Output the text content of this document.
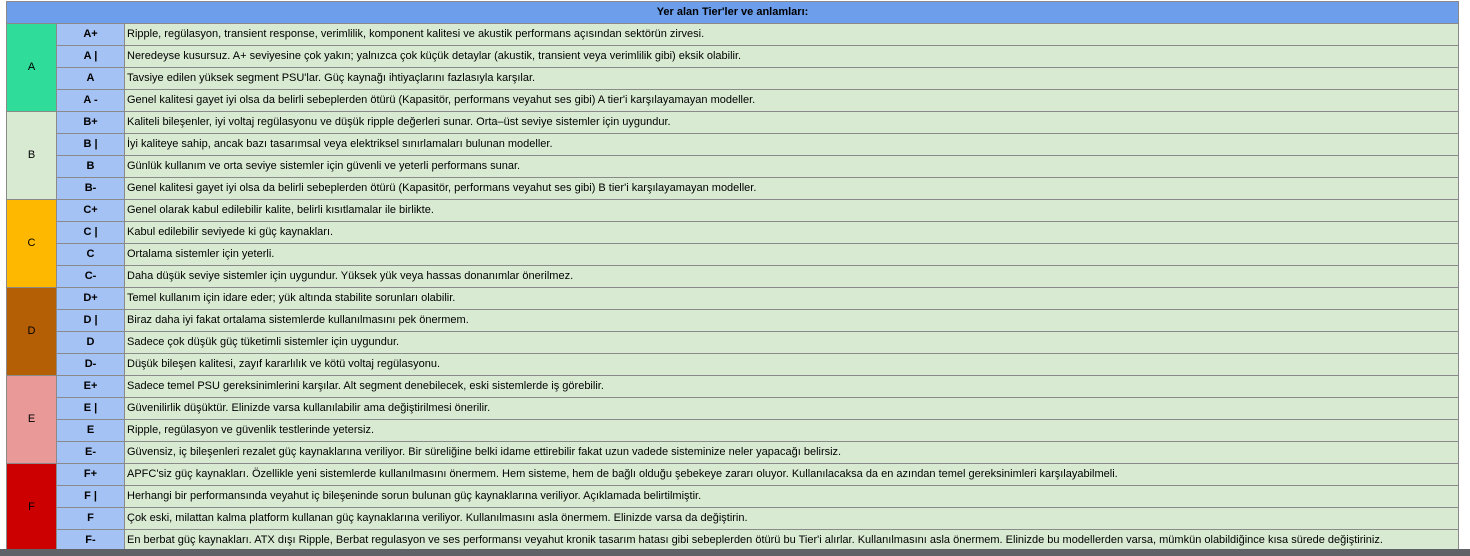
Yer alan Tier'ler ve anlamları:		
A	A+	Ripple, regülasyon, transient response, verimlilik, komponent kalitesi ve akustik performans açısından sektörün zirvesi.
	A |	Neredeyse kusursuz. A+ seviyesine çok yakın; yalnızca çok küçük detaylar (akustik, transient veya verimlilik gibi) eksik olabilir.
	A	Tavsiye edilen yüksek segment PSU'lar. Güç kaynağı ihtiyaçlarını fazlasıyla karşılar.
	A -	Genel kalitesi gayet iyi olsa da belirli sebeplerden ötürü (Kapasitör, performans veyahut ses gibi) A tier'i karşılayamayan modeller.
B	B+	Kaliteli bileşenler, iyi voltaj regülasyonu ve düşük ripple değerleri sunar. Orta–üst seviye sistemler için uygundur.
	B |	İyi kaliteye sahip, ancak bazı tasarımsal veya elektriksel sınırlamaları bulunan modeller.
	B	Günlük kullanım ve orta seviye sistemler için güvenli ve yeterli performans sunar.
	B-	Genel kalitesi gayet iyi olsa da belirli sebeplerden ötürü (Kapasitör, performans veyahut ses gibi) B tier'i karşılayamayan modeller.
C	C+	Genel olarak kabul edilebilir kalite, belirli kısıtlamalar ile birlikte.
	C |	Kabul edilebilir seviyede ki güç kaynakları.
	C	Ortalama sistemler için yeterli.
	C-	Daha düşük seviye sistemler için uygundur. Yüksek yük veya hassas donanımlar önerilmez.
D	D+	Temel kullanım için idare eder; yük altında stabilite sorunları olabilir.
	D |	Biraz daha iyi fakat ortalama sistemlerde kullanılmasını pek önermem.
	D	Sadece çok düşük güç tüketimli sistemler için uygundur.
	D-	Düşük bileşen kalitesi, zayıf kararlılık ve kötü voltaj regülasyonu.
E	E+	Sadece temel PSU gereksinimlerini karşılar. Alt segment denebilecek, eski sistemlerde iş görebilir.
	E |	Güvenilirlik düşüktür. Elinizde varsa kullanılabilir ama değiştirilmesi önerilir.
	E	Ripple, regülasyon ve güvenlik testlerinde yetersiz.
	E-	Güvensiz, iç bileşenleri rezalet güç kaynaklarına veriliyor. Bir süreliğine belki idame ettirebilir fakat uzun vadede sisteminize neler yapacağı belirsiz.
F	F+	APFC'siz güç kaynakları. Özellikle yeni sistemlerde kullanılmasını önermem. Hem sisteme, hem de bağlı olduğu şebekeye zararı oluyor. Kullanılacaksa da en azından temel gereksinimleri karşılayabilmeli.
	F |	Herhangi bir performansında veyahut iç bileşeninde sorun bulunan güç kaynaklarına veriliyor. Açıklamada belirtilmiştir.
	F	Çok eski, milattan kalma platform kullanan güç kaynaklarına veriliyor. Kullanılmasını asla önermem. Elinizde varsa da değiştirin.
	F-	En berbat güç kaynakları. ATX dışı Ripple, Berbat regulasyon ve ses performansı veyahut kronik tasarım hatası gibi sebeplerden ötürü bu Tier'i alırlar. Kullanılmasını asla önermem. Elinizde bu modellerden varsa, mümkün olabildiğince kısa sürede değiştiriniz.
